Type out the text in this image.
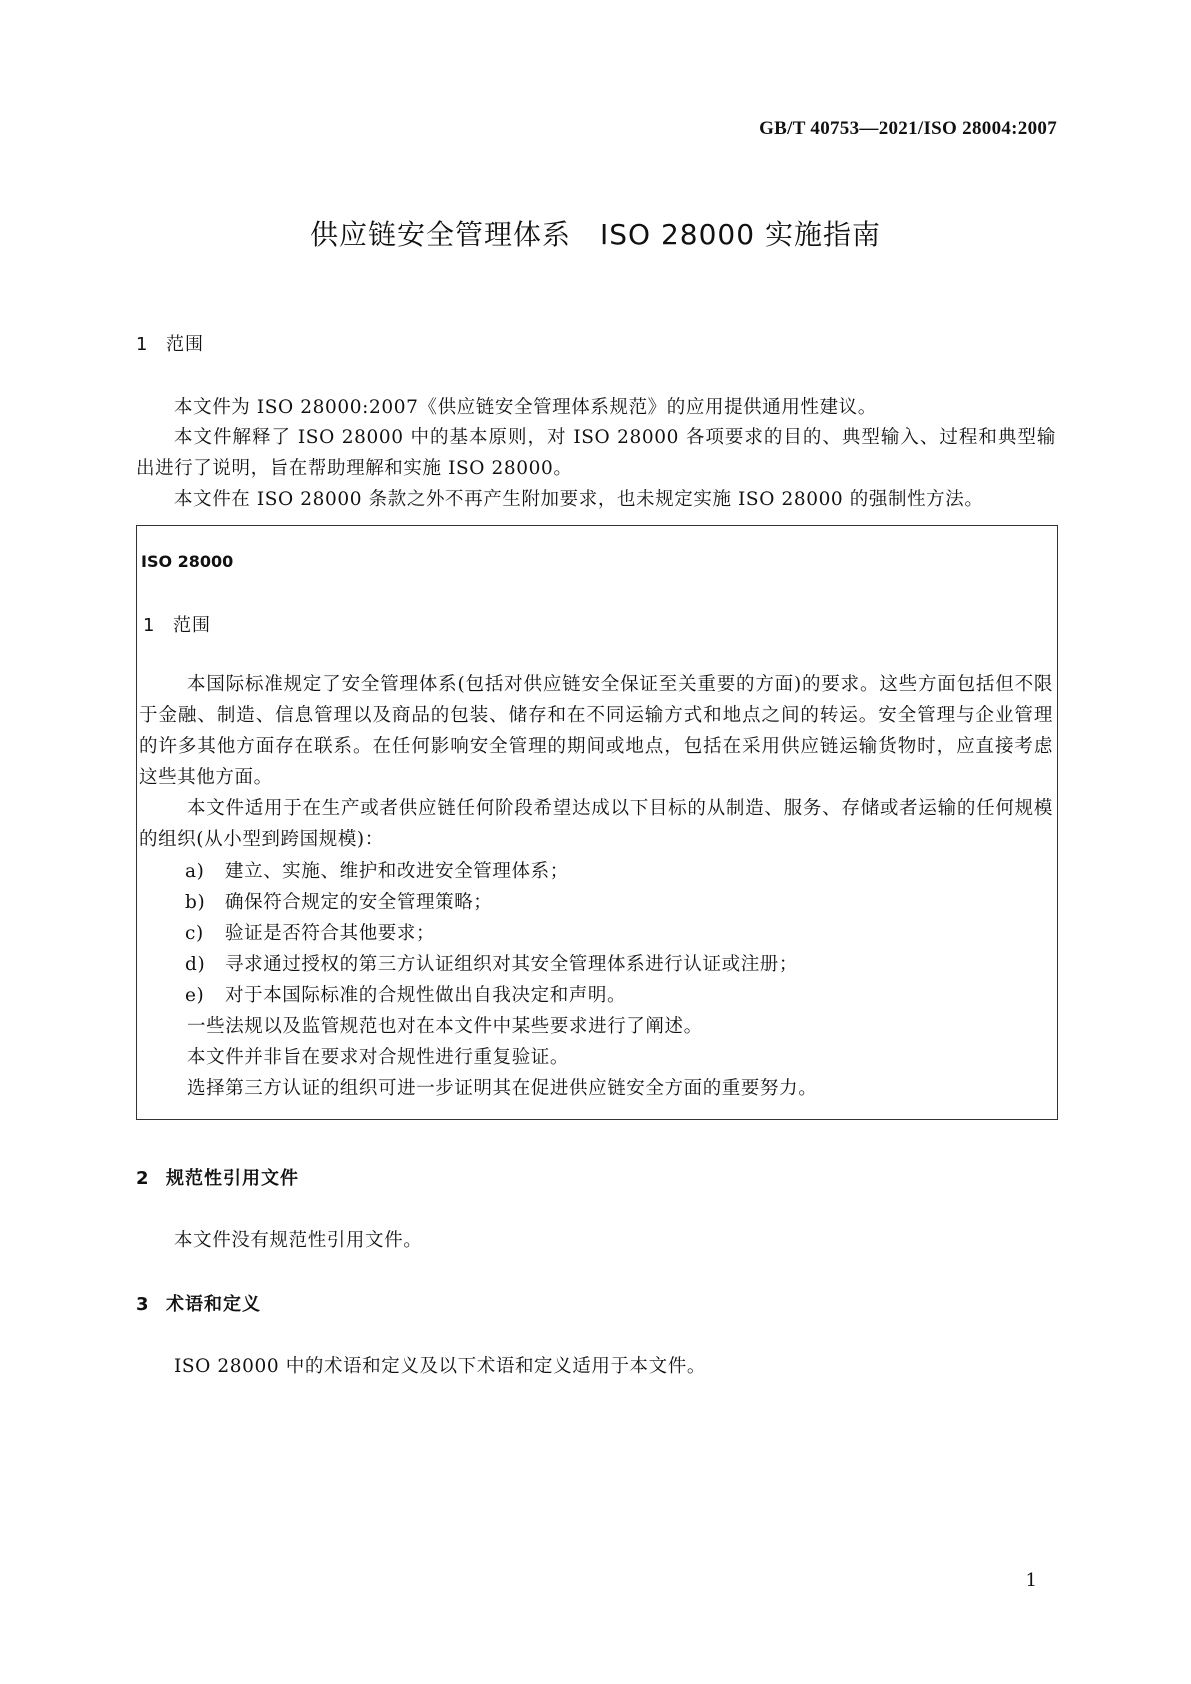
GB/T 40753—2021/ISO 28004:2007
供应链安全管理体系　ISO 28000 实施指南
1 范围
本文件为 ISO 28000:2007《供应链安全管理体系规范》的应用提供通用性建议。
本文件解释了 ISO 28000 中的基本原则，对 ISO 28000 各项要求的目的、典型输入、过程和典型输出进行了说明，旨在帮助理解和实施 ISO 28000。
本文件在 ISO 28000 条款之外不再产生附加要求，也未规定实施 ISO 28000 的强制性方法。
ISO 28000
1 范围
本国际标准规定了安全管理体系(包括对供应链安全保证至关重要的方面)的要求。这些方面包括但不限于金融、制造、信息管理以及商品的包装、储存和在不同运输方式和地点之间的转运。安全管理与企业管理的许多其他方面存在联系。在任何影响安全管理的期间或地点，包括在采用供应链运输货物时，应直接考虑这些其他方面。
本文件适用于在生产或者供应链任何阶段希望达成以下目标的从制造、服务、存储或者运输的任何规模的组织(从小型到跨国规模)：
a) 建立、实施、维护和改进安全管理体系；
b) 确保符合规定的安全管理策略；
c) 验证是否符合其他要求；
d) 寻求通过授权的第三方认证组织对其安全管理体系进行认证或注册；
e) 对于本国际标准的合规性做出自我决定和声明。
一些法规以及监管规范也对在本文件中某些要求进行了阐述。
本文件并非旨在要求对合规性进行重复验证。
选择第三方认证的组织可进一步证明其在促进供应链安全方面的重要努力。
2 规范性引用文件
本文件没有规范性引用文件。
3 术语和定义
ISO 28000 中的术语和定义及以下术语和定义适用于本文件。
1
